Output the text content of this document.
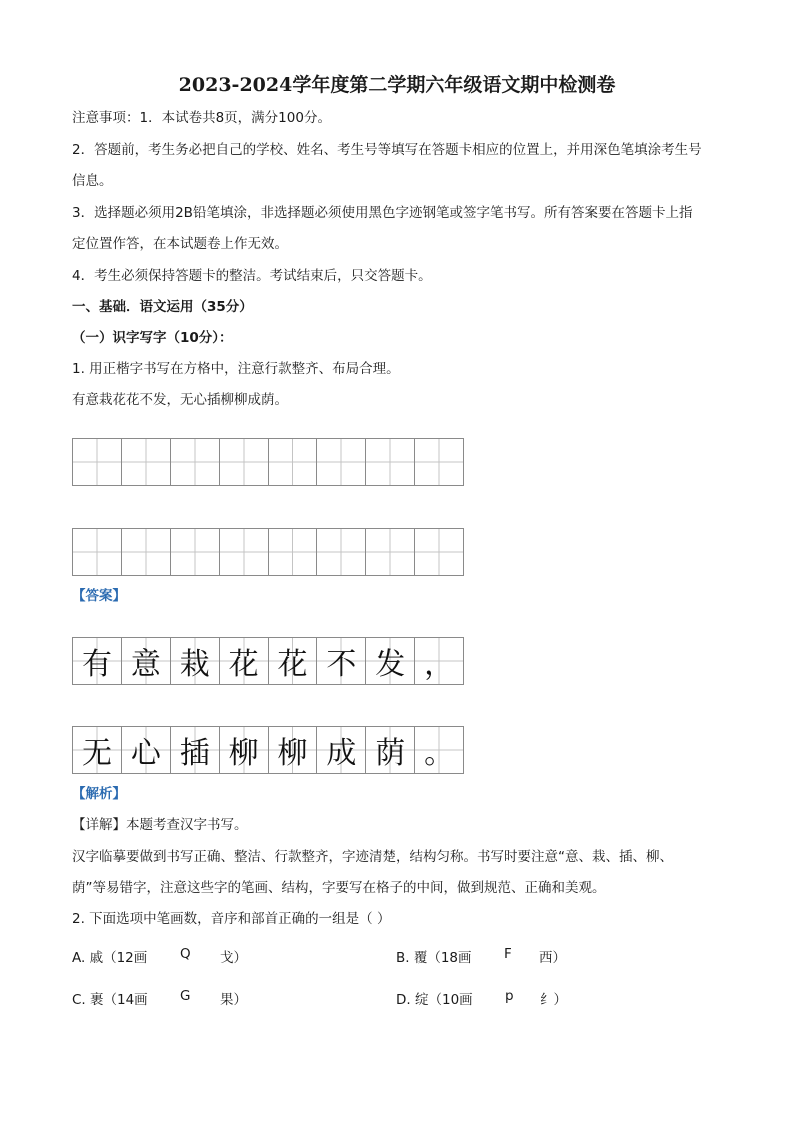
2023-2024学年度第二学期六年级语文期中检测卷
注意事项：1．本试卷共8页，满分100分。
2．答题前，考生务必把自己的学校、姓名、考生号等填写在答题卡相应的位置上，并用深色笔填涂考生号
信息。
3．选择题必须用2B铅笔填涂，非选择题必须使用黑色字迹钢笔或签字笔书写。所有答案要在答题卡上指
定位置作答，在本试题卷上作无效。
4．考生必须保持答题卡的整洁。考试结束后，只交答题卡。
一、基础．语文运用（35分）
（一）识字写字（10分）：
1. 用正楷字书写在方格中，注意行款整齐、布局合理。
有意栽花花不发，无心插柳柳成荫。
【答案】
有 意 栽 花 花 不 发 ，
无 心 插 柳 柳 成 荫 。
【解析】
【详解】本题考查汉字书写。
汉字临摹要做到书写正确、整洁、行款整齐，字迹清楚，结构匀称。书写时要注意“意、栽、插、柳、
荫”等易错字，注意这些字的笔画、结构，字要写在格子的中间，做到规范、正确和美观。
2. 下面选项中笔画数，音序和部首正确的一组是（ ）
A. 戚（12画 Q 戈）	B. 覆（18画 F 西）
C. 裹（14画 G 果）	D. 绽（10画 p 纟）
